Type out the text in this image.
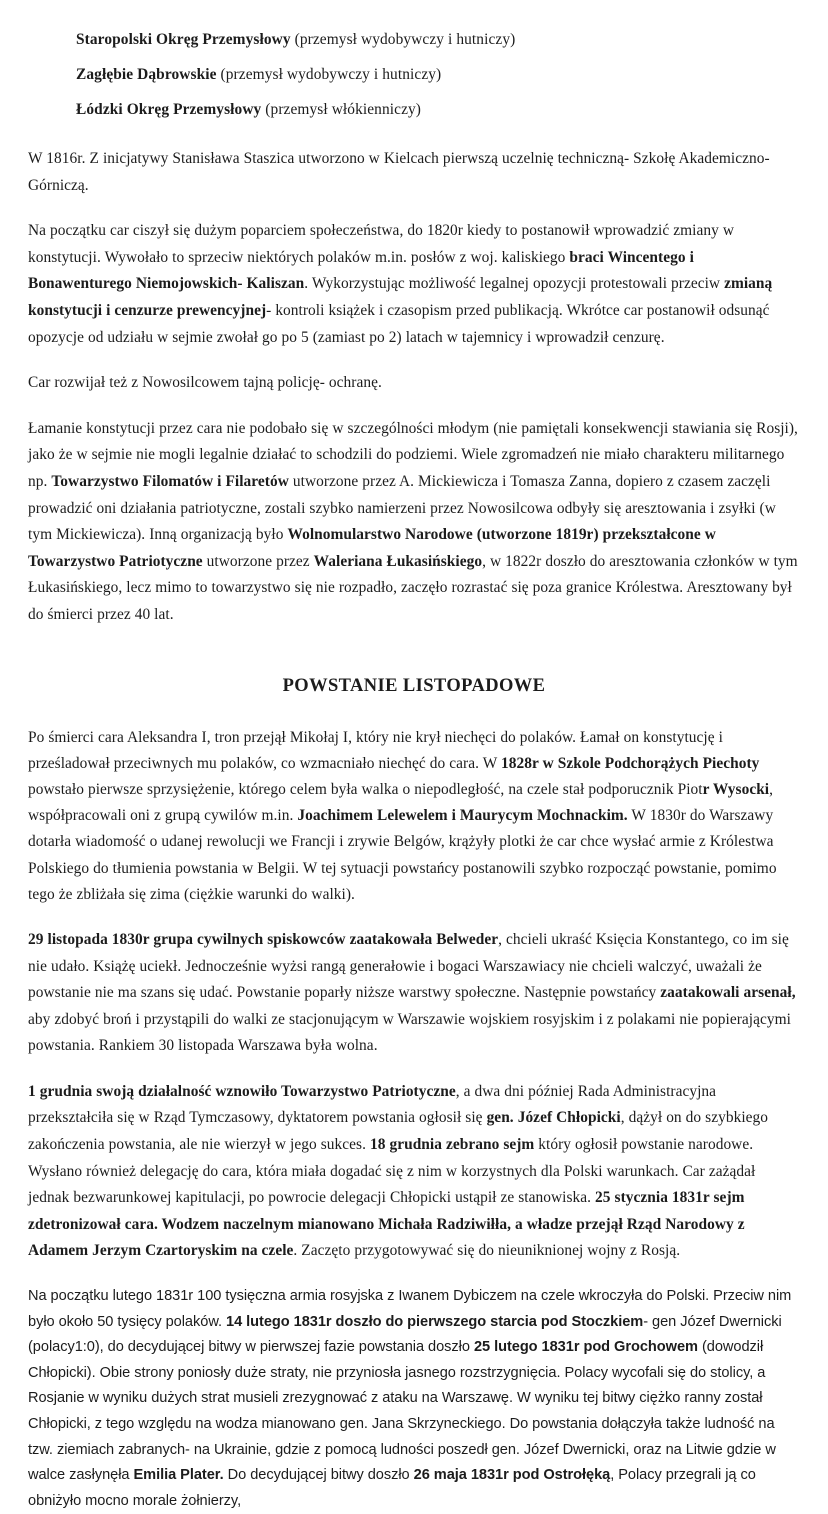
Staropolski Okręg Przemysłowy (przemysł wydobywczy i hutniczy)

Zagłębie Dąbrowskie (przemysł wydobywczy i hutniczy)

Łódzki Okręg Przemysłowy (przemysł włókienniczy)

W 1816r. Z inicjatywy Stanisława Staszica utworzono w Kielcach pierwszą uczelnię techniczną- Szkołę Akademiczno-Górniczą.

Na początku car ciszył się dużym poparciem społeczeństwa, do 1820r kiedy to postanowił wprowadzić zmiany w konstytucji. Wywołało to sprzeciw niektórych polaków m.in. posłów z woj. kaliskiego braci Wincentego i Bonawenturego Niemojowskich- Kaliszan. Wykorzystując możliwość legalnej opozycji protestowali przeciw zmianą konstytucji i cenzurze prewencyjnej- kontroli książek i czasopism przed publikacją. Wkrótce car postanowił odsunąć opozycje od udziału w sejmie zwołał go po 5 (zamiast po 2) latach w tajemnicy i wprowadził cenzurę.

Car rozwijał też z Nowosilcowem tajną policję- ochranę.

Łamanie konstytucji przez cara nie podobało się w szczególności młodym (nie pamiętali konsekwencji stawiania się Rosji), jako że w sejmie nie mogli legalnie działać to schodzili do podziemi. Wiele zgromadzeń nie miało charakteru militarnego np. Towarzystwo Filomatów i Filaretów utworzone przez A. Mickiewicza i Tomasza Zanna, dopiero z czasem zaczęli prowadzić oni działania patriotyczne, zostali szybko namierzeni przez Nowosilcowa odbyły się aresztowania i zsyłki (w tym Mickiewicza). Inną organizacją było Wolnomularstwo Narodowe (utworzone 1819r) przekształcone w Towarzystwo Patriotyczne utworzone przez Waleriana Łukasińskiego, w 1822r doszło do aresztowania członków w tym Łukasińskiego, lecz mimo to towarzystwo się nie rozpadło, zaczęło rozrastać się poza granice Królestwa. Aresztowany był do śmierci przez 40 lat.

POWSTANIE LISTOPADOWE

Po śmierci cara Aleksandra I, tron przejął Mikołaj I, który nie krył niechęci do polaków. Łamał on konstytucję i prześladował przeciwnych mu polaków, co wzmacniało niechęć do cara. W 1828r w Szkole Podchorążych Piechoty powstało pierwsze sprzysiężenie, którego celem była walka o niepodległość, na czele stał podporucznik Piotr Wysocki, współpracowali oni z grupą cywilów m.in. Joachimem Lelewelem i Maurycym Mochnackim. W 1830r do Warszawy dotarła wiadomość o udanej rewolucji we Francji i zrywie Belgów, krążyły plotki że car chce wysłać armie z Królestwa Polskiego do tłumienia powstania w Belgii. W tej sytuacji powstańcy postanowili szybko rozpocząć powstanie, pomimo tego że zbliżała się zima (ciężkie warunki do walki).

29 listopada 1830r grupa cywilnych spiskowców zaatakowała Belweder, chcieli ukraść Księcia Konstantego, co im się nie udało. Książę uciekł. Jednocześnie wyżsi rangą generałowie i bogaci Warszawiacy nie chcieli walczyć, uważali że powstanie nie ma szans się udać. Powstanie poparły niższe warstwy społeczne. Następnie powstańcy zaatakowali arsenał, aby zdobyć broń i przystąpili do walki ze stacjonującym w Warszawie wojskiem rosyjskim i z polakami nie popierającymi powstania. Rankiem 30 listopada Warszawa była wolna.

1 grudnia swoją działalność wznowiło Towarzystwo Patriotyczne, a dwa dni później Rada Administracyjna przekształciła się w Rząd Tymczasowy, dyktatorem powstania ogłosił się gen. Józef Chłopicki, dążył on do szybkiego zakończenia powstania, ale nie wierzył w jego sukces. 18 grudnia zebrano sejm który ogłosił powstanie narodowe. Wysłano również delegację do cara, która miała dogadać się z nim w korzystnych dla Polski warunkach. Car zażądał jednak bezwarunkowej kapitulacji, po powrocie delegacji Chłopicki ustąpił ze stanowiska. 25 stycznia 1831r sejm zdetronizował cara. Wodzem naczelnym mianowano Michała Radziwiłła, a władze przejął Rząd Narodowy z Adamem Jerzym Czartoryskim na czele. Zaczęto przygotowywać się do nieuniknionej wojny z Rosją.

Na początku lutego 1831r 100 tysięczna armia rosyjska z Iwanem Dybiczem na czele wkroczyła do Polski. Przeciw nim było około 50 tysięcy polaków. 14 lutego 1831r doszło do pierwszego starcia pod Stoczkiem- gen Józef Dwernicki (polacy1:0), do decydującej bitwy w pierwszej fazie powstania doszło 25 lutego 1831r pod Grochowem (dowodził Chłopicki). Obie strony poniosły duże straty, nie przyniosła jasnego rozstrzygnięcia. Polacy wycofali się do stolicy, a Rosjanie w wyniku dużych strat musieli zrezygnować z ataku na Warszawę. W wyniku tej bitwy ciężko ranny został Chłopicki, z tego względu na wodza mianowano gen. Jana Skrzyneckiego. Do powstania dołączyła także ludność na tzw. ziemiach zabranych- na Ukrainie, gdzie z pomocą ludności poszedł gen. Józef Dwernicki, oraz na Litwie gdzie w walce zasłynęła Emilia Plater. Do decydującej bitwy doszło 26 maja 1831r pod Ostrołęką, Polacy przegrali ją co obniżyło mocno morale żołnierzy,
